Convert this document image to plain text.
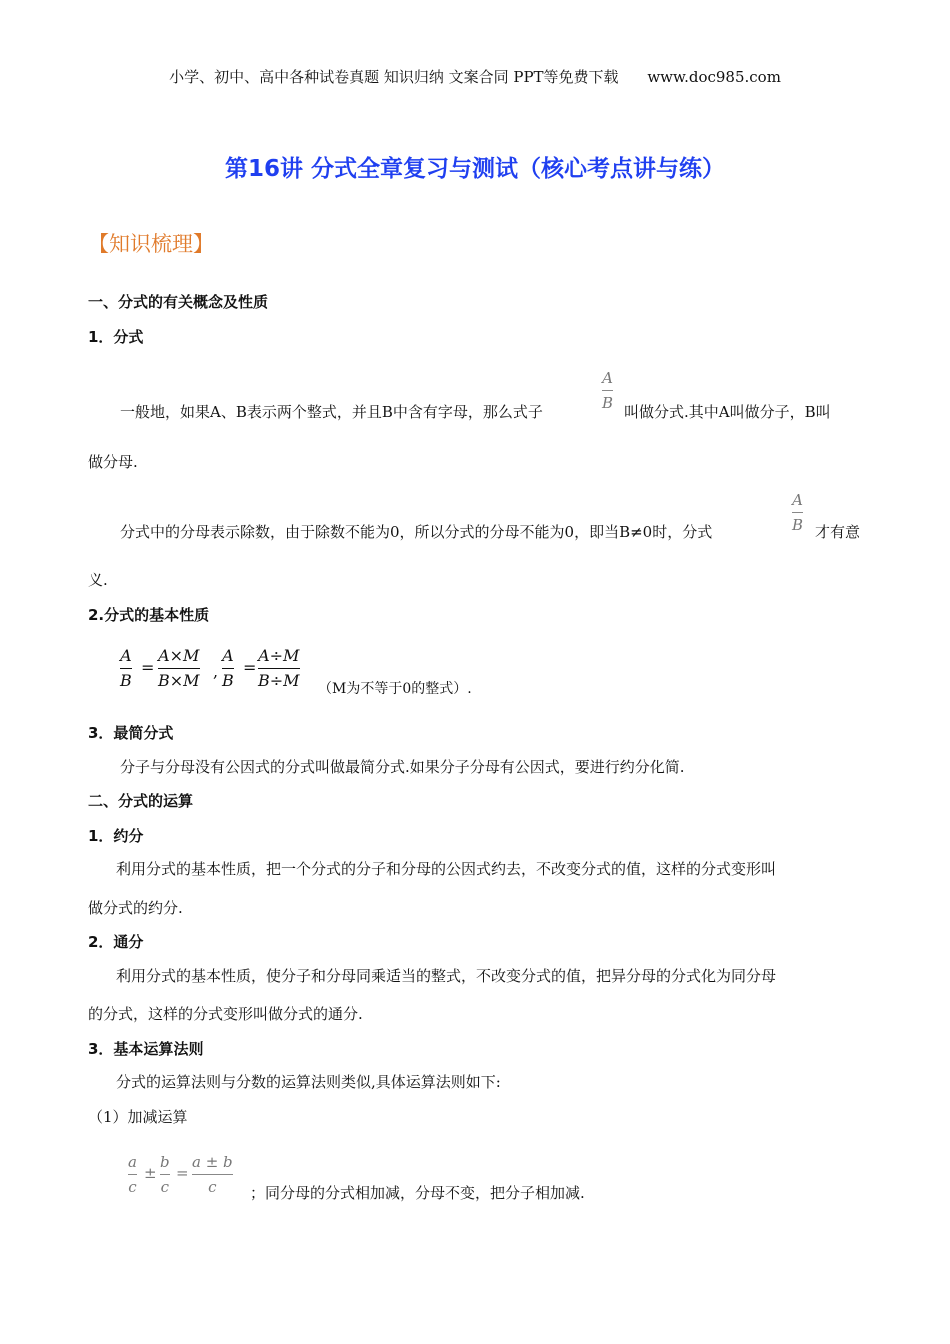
小学、初中、高中各种试卷真题 知识归纳 文案合同 PPT等免费下载 www.doc985.com
第16讲 分式全章复习与测试（核心考点讲与练）
【知识梳理】
一、分式的有关概念及性质
1．分式
一般地，如果A、B表示两个整式，并且B中含有字母，那么式子
A
B 叫做分式.其中A叫做分子，B叫
做分母.
分式中的分母表示除数，由于除数不能为0，所以分式的分母不能为0，即当B≠0时，分式
A
B 才有意
义.
2.分式的基本性质
A
B
=
A×M
B×M ,
A
B
=
A÷M
B÷M （M为不等于0的整式）.
3．最简分式
分子与分母没有公因式的分式叫做最简分式.如果分子分母有公因式，要进行约分化简.
二、分式的运算
1．约分
利用分式的基本性质，把一个分式的分子和分母的公因式约去，不改变分式的值，这样的分式变形叫
做分式的约分.
2．通分
利用分式的基本性质，使分子和分母同乘适当的整式，不改变分式的值，把异分母的分式化为同分母
的分式，这样的分式变形叫做分式的通分.
3．基本运算法则
分式的运算法则与分数的运算法则类似,具体运算法则如下:
（1）加减运算
a
c
±
b
c
=
a ± b
c	；同分母的分式相加减，分母不变，把分子相加减.
